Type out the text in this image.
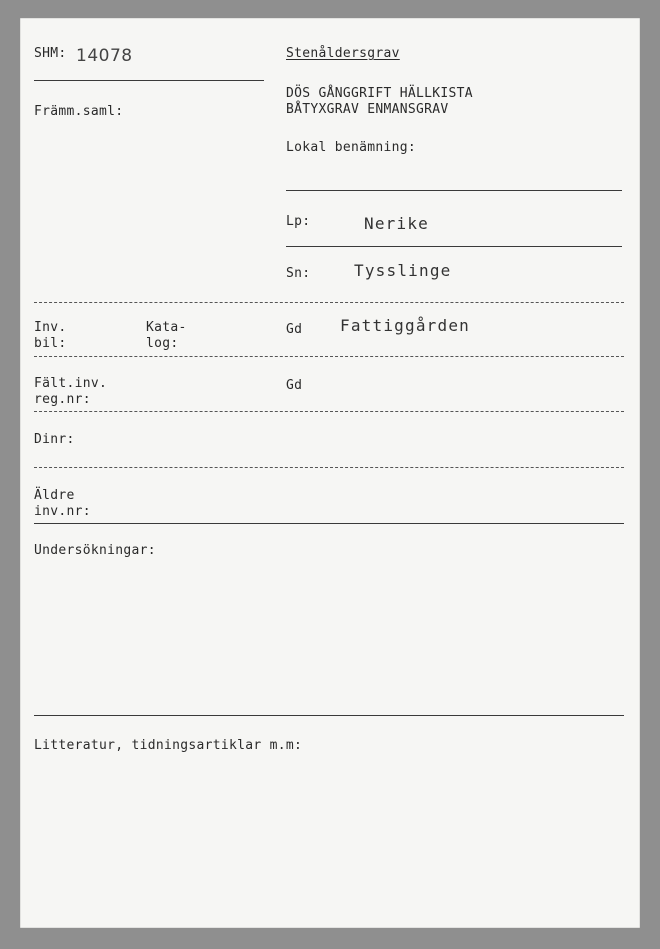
SHM: 14078
Främm.saml:
Stenåldersgrav
DÖS GÅNGGRIFT HÄLLKISTA
BÅTYXGRAV ENMANSGRAV
Lokal benämning:
Lp:	Nerike
Sn:	Tysslinge
Inv.
bil:
Kata-
log:
Gd Fattiggården
Fält.inv.
reg.nr:
Gd
Dinr:
Äldre
inv.nr:
Undersökningar:
Litteratur, tidningsartiklar m.m:
